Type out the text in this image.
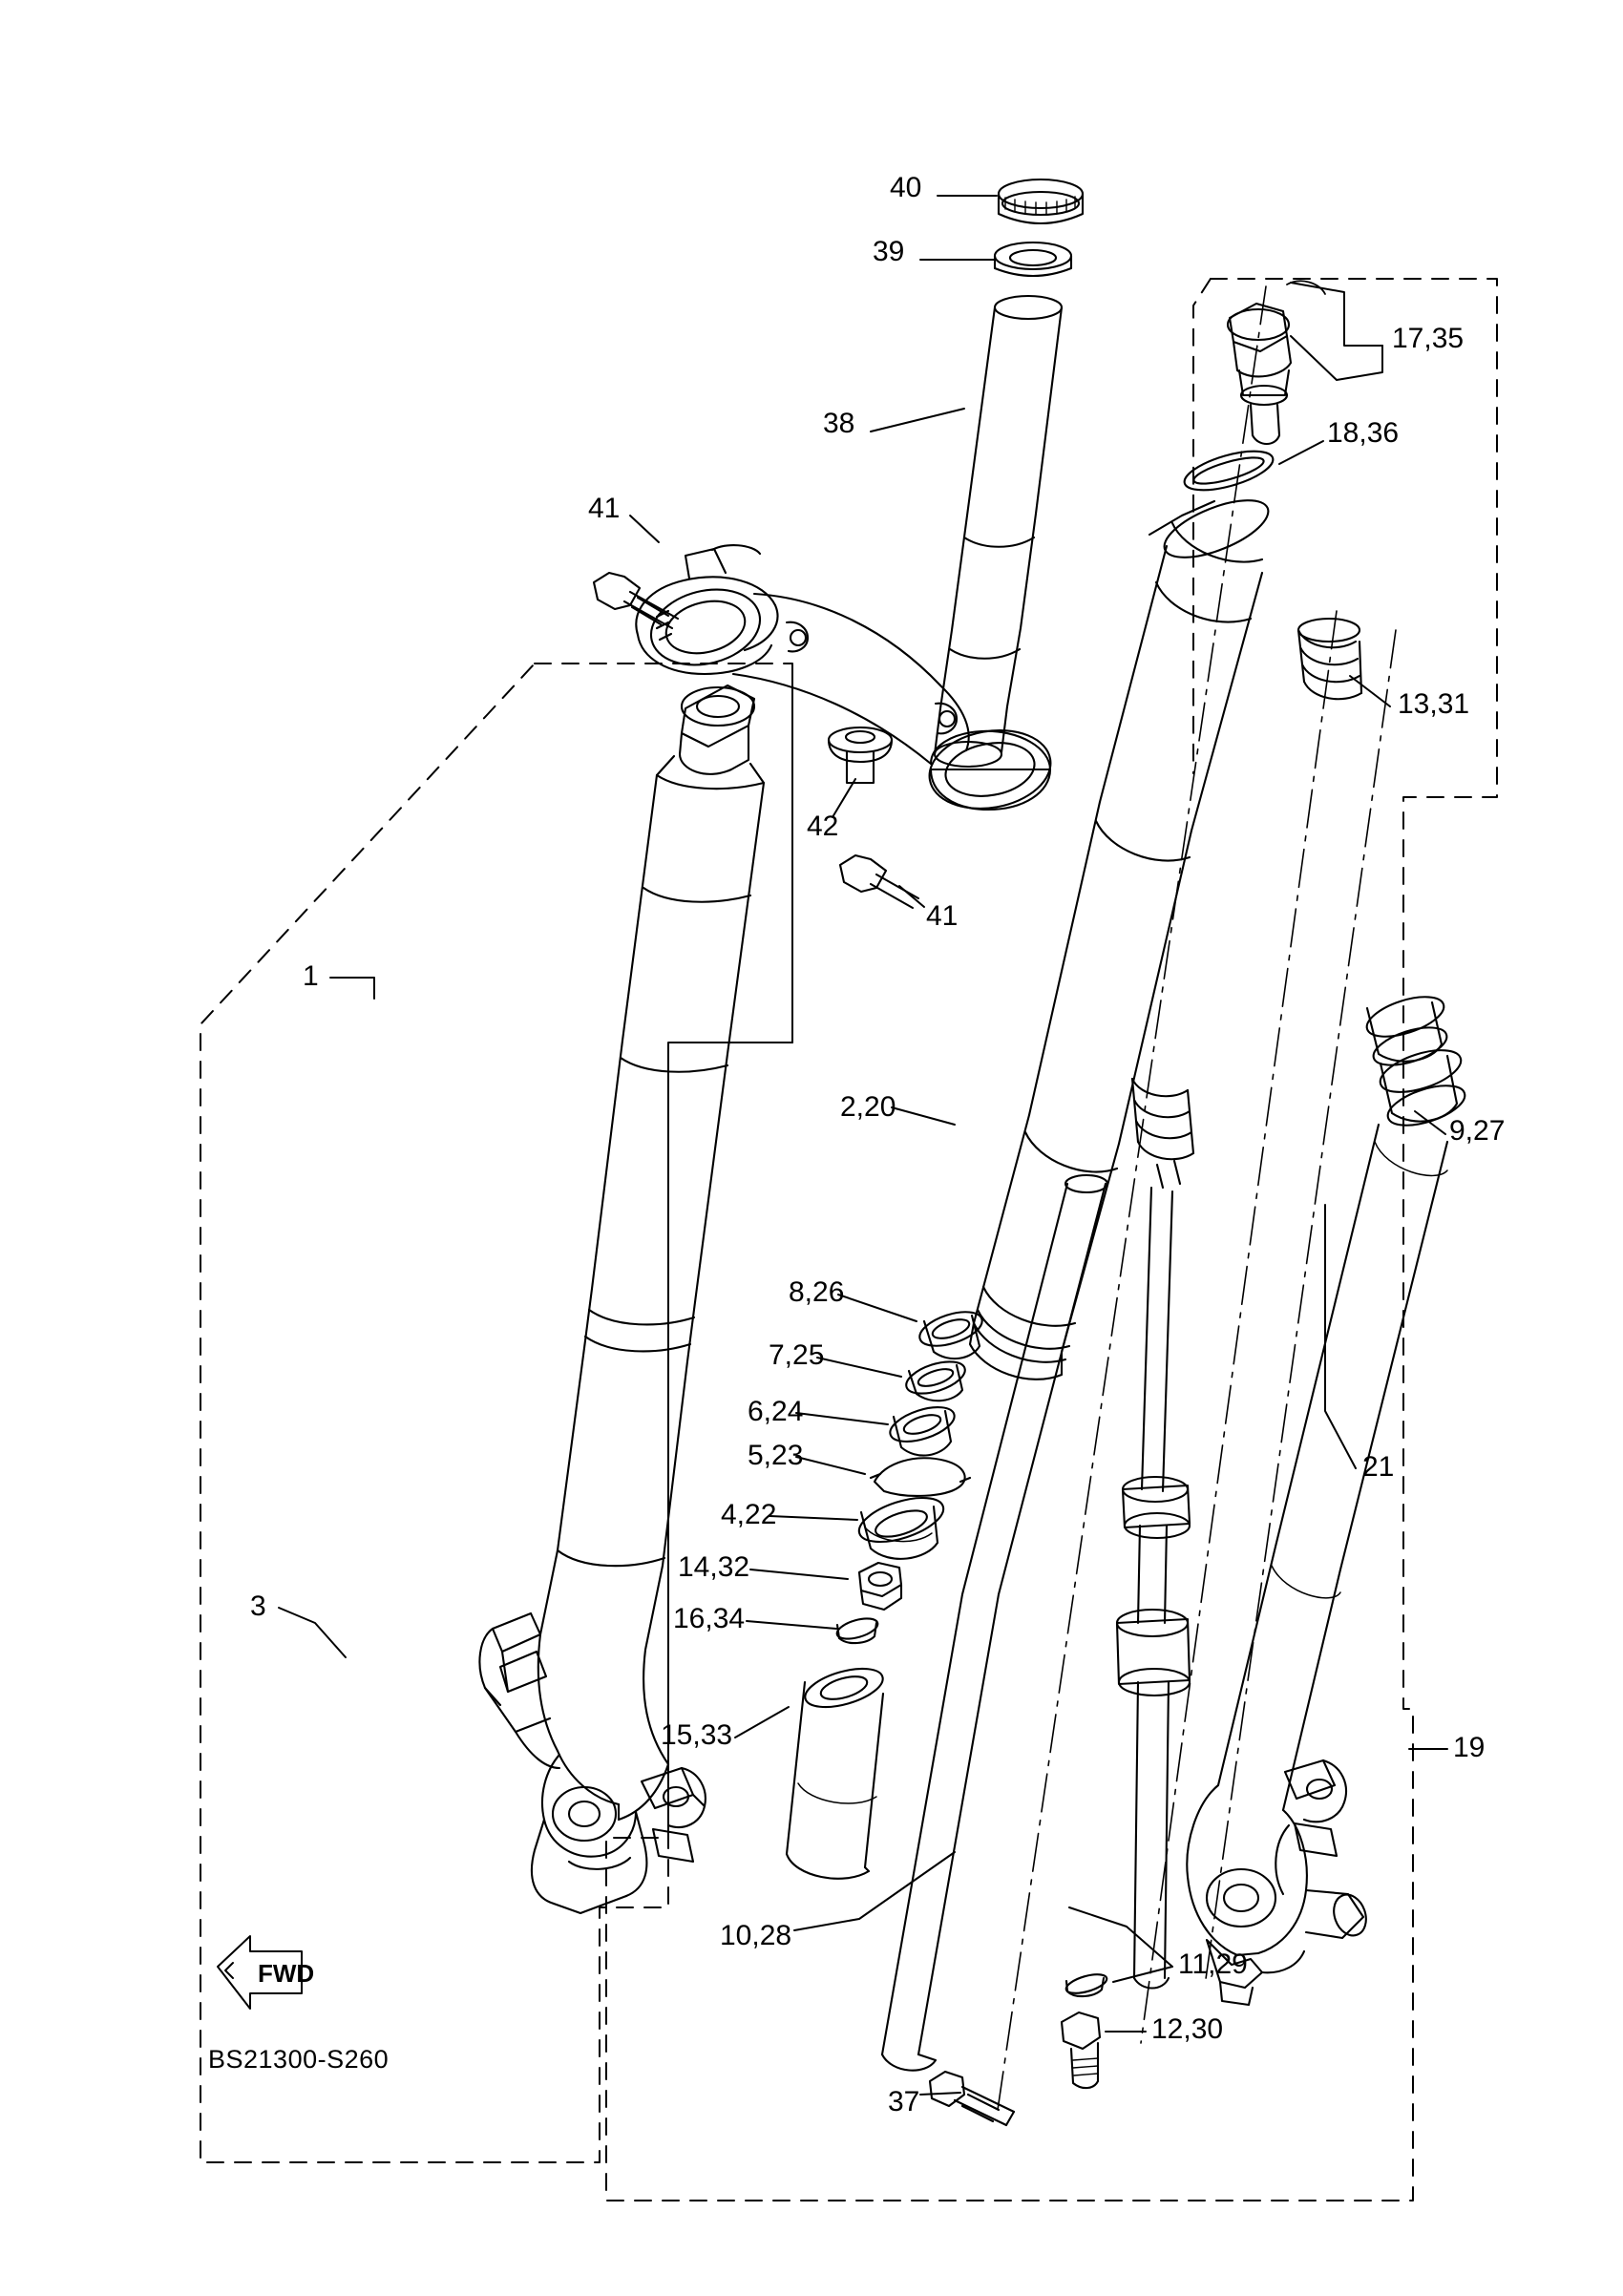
40
39
17,35
18,36
38
41
13,31
42
41
1
2,20
9,27
8,26
7,25
6,24
5,23
4,22
14,32
16,34
21
3
15,33	19
10,28
11,29
12,30
37
FWD
BS21300-S260
